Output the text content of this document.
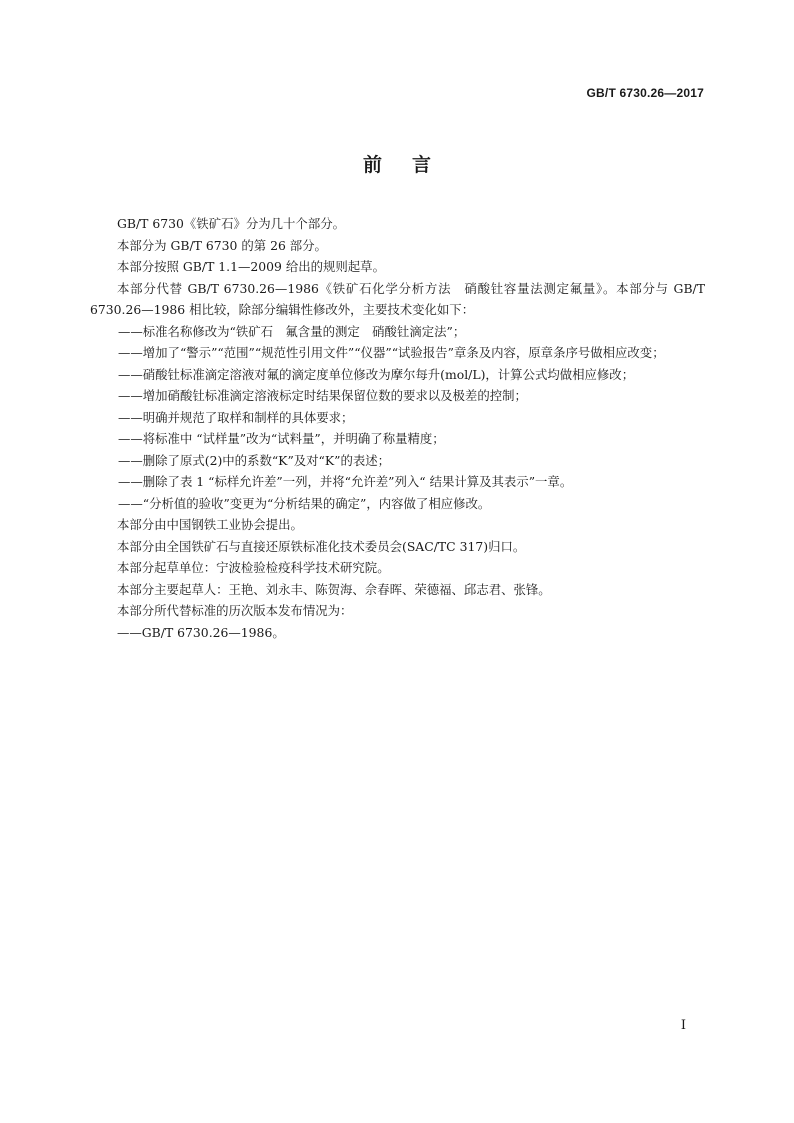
GB/T 6730.26—2017
前言

GB/T 6730《铁矿石》分为几十个部分。

本部分为 GB/T 6730 的第 26 部分。

本部分按照 GB/T 1.1—2009 给出的规则起草。

本部分代替 GB/T 6730.26—1986《铁矿石化学分析方法　硝酸钍容量法测定氟量》。本部分与 GB/T 6730.26—1986 相比较，除部分编辑性修改外，主要技术变化如下：

——标准名称修改为“铁矿石　氟含量的测定　硝酸钍滴定法”；

——增加了“警示”“范围”“规范性引用文件”“仪器”“试验报告”章条及内容，原章条序号做相应改变；

——硝酸钍标准滴定溶液对氟的滴定度单位修改为摩尔每升(mol/L)，计算公式均做相应修改；

——增加硝酸钍标准滴定溶液标定时结果保留位数的要求以及极差的控制；

——明确并规范了取样和制样的具体要求；

——将标准中 “试样量”改为“试料量”，并明确了称量精度；

——删除了原式(2)中的系数“K”及对“K”的表述；

——删除了表 1 “标样允许差”一列，并将“允许差”列入“ 结果计算及其表示”一章。

——“分析值的验收”变更为“分析结果的确定”，内容做了相应修改。

本部分由中国钢铁工业协会提出。

本部分由全国铁矿石与直接还原铁标准化技术委员会(SAC/TC 317)归口。

本部分起草单位：宁波检验检疫科学技术研究院。

本部分主要起草人：王艳、刘永丰、陈贺海、佘春晖、荣德福、邱志君、张锋。

本部分所代替标准的历次版本发布情况为：

——GB/T 6730.26—1986。

I
